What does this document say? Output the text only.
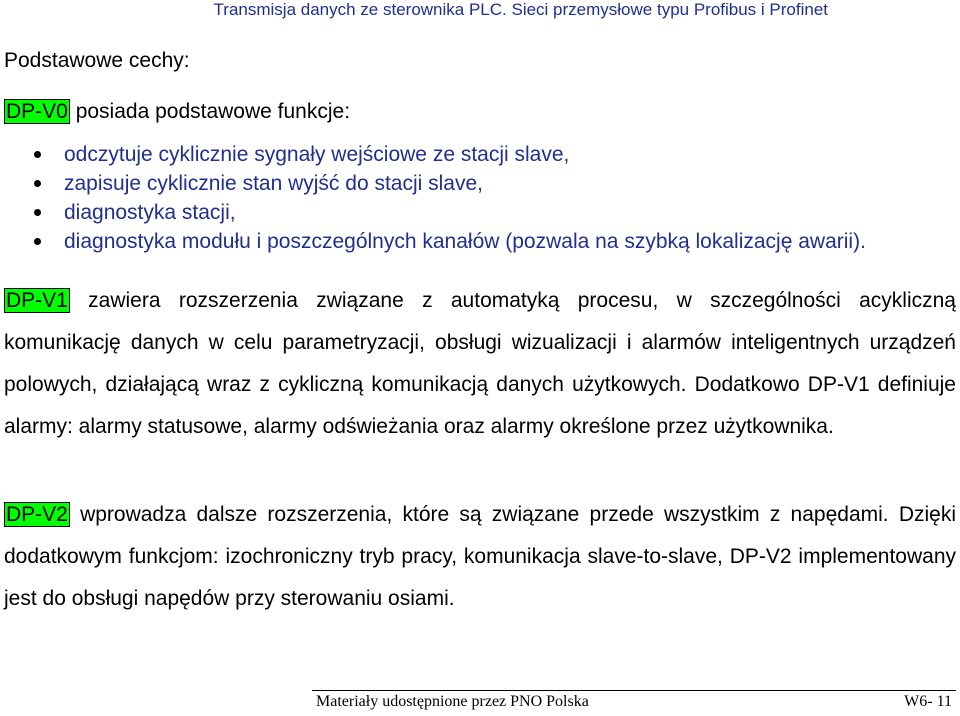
Transmisja danych ze sterownika PLC. Sieci przemysłowe typu Profibus i Profinet
Podstawowe cechy:
DP-V0 posiada podstawowe funkcje:
odczytuje cyklicznie sygnały wejściowe ze stacji slave,
zapisuje cyklicznie stan wyjść do stacji slave,
diagnostyka stacji,
diagnostyka modułu i poszczególnych kanałów (pozwala na szybką lokalizację awarii).
DP-V1 zawiera rozszerzenia związane z automatyką procesu, w szczególności acykliczną komunikację danych w celu parametryzacji, obsługi wizualizacji i alarmów inteligentnych urządzeń polowych, działającą wraz z cykliczną komunikacją danych użytkowych. Dodatkowo DP-V1 definiuje alarmy: alarmy statusowe, alarmy odświeżania oraz alarmy określone przez użytkownika.
DP-V2 wprowadza dalsze rozszerzenia, które są związane przede wszystkim z napędami. Dzięki dodatkowym funkcjom: izochroniczny tryb pracy, komunikacja slave-to-slave, DP-V2 implementowany jest do obsługi napędów przy sterowaniu osiami.
Materiały udostępnione przez PNO Polska	W6- 11
